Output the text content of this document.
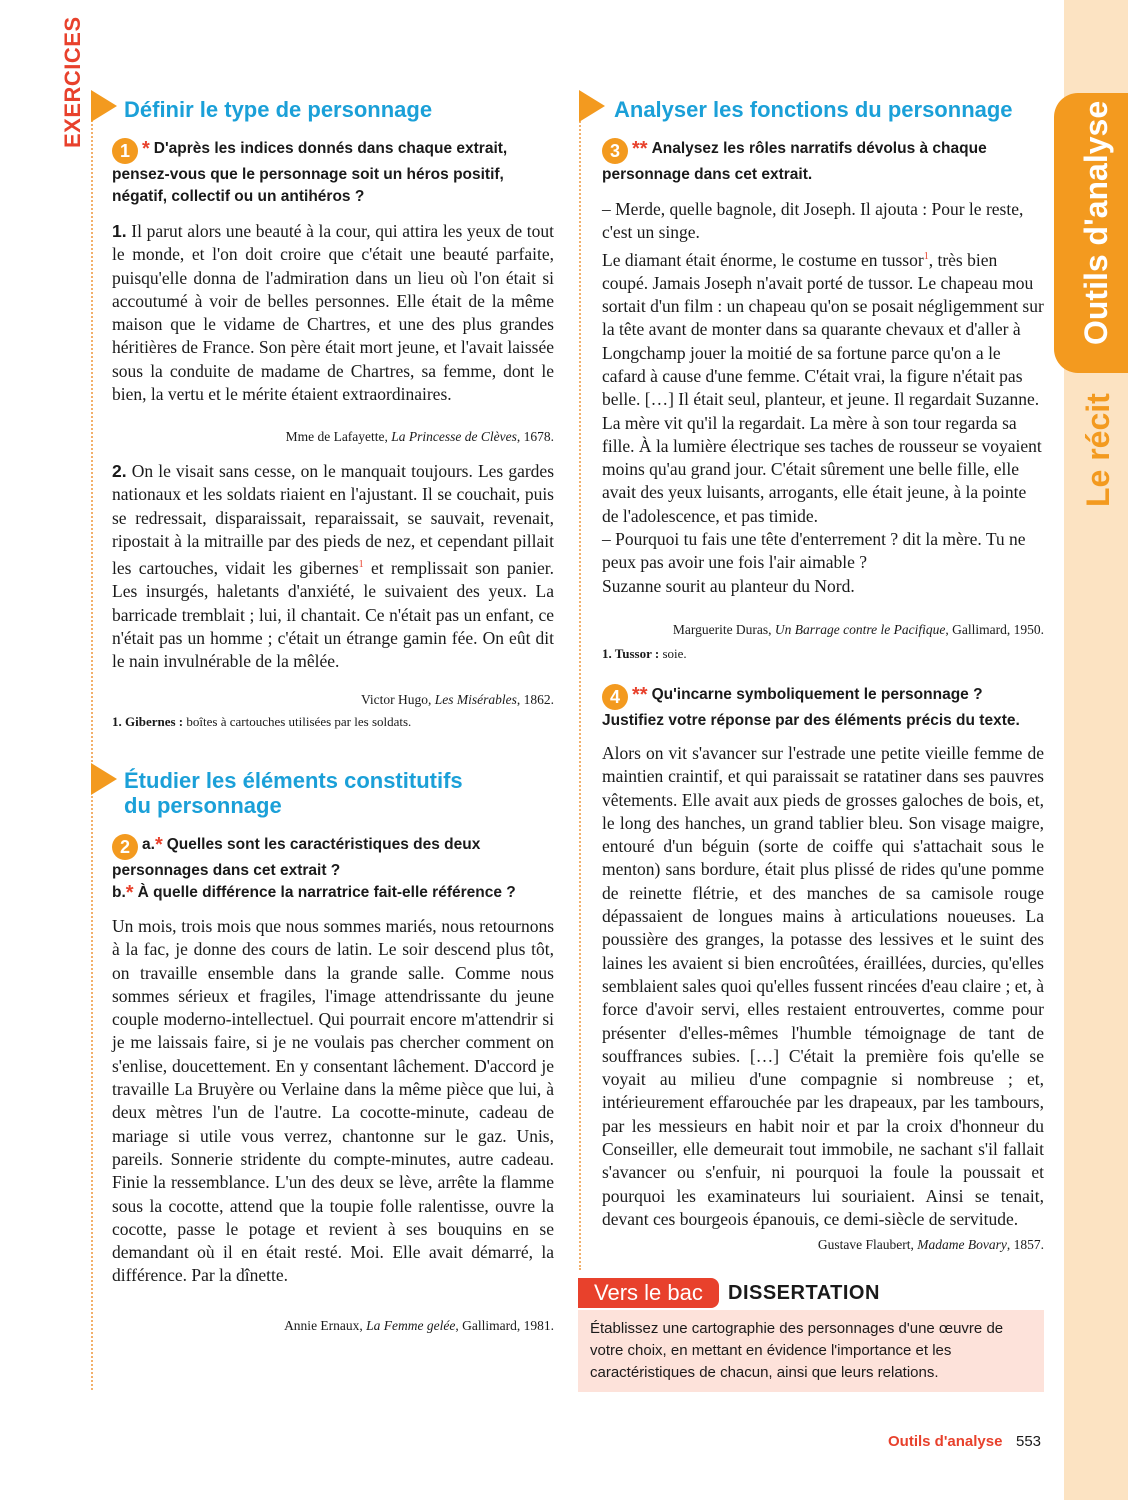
Outils d'analyse
Le récit
EXERCICES Définir le type de personnage
1 * D'après les indices donnés dans chaque extrait, pensez-vous que le personnage soit un héros positif, négatif, collectif ou un antihéros ?

1. Il parut alors une beauté à la cour, qui attira les yeux de tout le monde, et l'on doit croire que c'était une beauté parfaite, puisqu'elle donna de l'admiration dans un lieu où l'on était si accoutumé à voir de belles personnes. Elle était de la même maison que le vidame de Chartres, et une des plus grandes héritières de France. Son père était mort jeune, et l'avait laissée sous la conduite de madame de Chartres, sa femme, dont le bien, la vertu et le mérite étaient extraordinaires.

Mme de Lafayette, La Princesse de Clèves, 1678.

2. On le visait sans cesse, on le manquait toujours. Les gardes nationaux et les soldats riaient en l'ajustant. Il se couchait, puis se redressait, disparaissait, reparaissait, se sauvait, revenait, ripostait à la mitraille par des pieds de nez, et cependant pillait les cartouches, vidait les gibernes$^1$ et remplissait son panier. Les insurgés, haletants d'anxiété, le suivaient des yeux. La barricade tremblait ; lui, il chantait. Ce n'était pas un enfant, ce n'était pas un homme ; c'était un étrange gamin fée. On eût dit le nain invulnérable de la mêlée.

Victor Hugo, Les Misérables, 1862.
1. Gibernes : boîtes à cartouches utilisées par les soldats.
Étudier les éléments constitutifs
du personnage
2 a.* Quelles sont les caractéristiques des deux personnages dans cet extrait ?
b.* À quelle différence la narratrice fait-elle référence ?

Un mois, trois mois que nous sommes mariés, nous retournons à la fac, je donne des cours de latin. Le soir descend plus tôt, on travaille ensemble dans la grande salle. Comme nous sommes sérieux et fragiles, l'image attendrissante du jeune couple moderno-intellectuel. Qui pourrait encore m'attendrir si je me laissais faire, si je ne voulais pas chercher comment on s'enlise, doucettement. En y consentant lâchement. D'accord je travaille La Bruyère ou Verlaine dans la même pièce que lui, à deux mètres l'un de l'autre. La cocotte-minute, cadeau de mariage si utile vous verrez, chantonne sur le gaz. Unis, pareils. Sonnerie stridente du compte-minutes, autre cadeau. Finie la ressemblance. L'un des deux se lève, arrête la flamme sous la cocotte, attend que la toupie folle ralentisse, ouvre la cocotte, passe le potage et revient à ses bouquins en se demandant où il en était resté. Moi. Elle avait démarré, la différence. Par la dînette.

Annie Ernaux, La Femme gelée, Gallimard, 1981.
Analyser les fonctions du personnage
3 ** Analysez les rôles narratifs dévolus à chaque personnage dans cet extrait.

– Merde, quelle bagnole, dit Joseph. Il ajouta : Pour le reste, c'est un singe.

Le diamant était énorme, le costume en tussor$^1$, très bien coupé. Jamais Joseph n'avait porté de tussor. Le chapeau mou sortait d'un film : un chapeau qu'on se posait négligemment sur la tête avant de monter dans sa quarante chevaux et d'aller à Longchamp jouer la moitié de sa fortune parce qu'on a le cafard à cause d'une femme. C'était vrai, la figure n'était pas belle. […] Il était seul, planteur, et jeune. Il regardait Suzanne. La mère vit qu'il la regardait. La mère à son tour regarda sa fille. À la lumière électrique ses taches de rousseur se voyaient moins qu'au grand jour. C'était sûrement une belle fille, elle avait des yeux luisants, arrogants, elle était jeune, à la pointe de l'adolescence, et pas timide.

– Pourquoi tu fais une tête d'enterrement ? dit la mère. Tu ne peux pas avoir une fois l'air aimable ?

Suzanne sourit au planteur du Nord.

Marguerite Duras, Un Barrage contre le Pacifique, Gallimard, 1950.
1. Tussor : soie.
4 ** Qu'incarne symboliquement le personnage ? Justifiez votre réponse par des éléments précis du texte.

Alors on vit s'avancer sur l'estrade une petite vieille femme de maintien craintif, et qui paraissait se ratatiner dans ses pauvres vêtements. Elle avait aux pieds de grosses galoches de bois, et, le long des hanches, un grand tablier bleu. Son visage maigre, entouré d'un béguin (sorte de coiffe qui s'attachait sous le menton) sans bordure, était plus plissé de rides qu'une pomme de reinette flétrie, et des manches de sa camisole rouge dépassaient de longues mains à articulations noueuses. La poussière des granges, la potasse des lessives et le suint des laines les avaient si bien encroûtées, éraillées, durcies, qu'elles semblaient sales quoi qu'elles fussent rincées d'eau claire ; et, à force d'avoir servi, elles restaient entrouvertes, comme pour présenter d'elles-mêmes l'humble témoignage de tant de souffrances subies. […] C'était la première fois qu'elle se voyait au milieu d'une compagnie si nombreuse ; et, intérieurement effarouchée par les drapeaux, par les tambours, par les messieurs en habit noir et par la croix d'honneur du Conseiller, elle demeurait tout immobile, ne sachant s'il fallait s'avancer ou s'enfuir, ni pourquoi la foule la poussait et pourquoi les examinateurs lui souriaient. Ainsi se tenait, devant ces bourgeois épanouis, ce demi-siècle de servitude.

Gustave Flaubert, Madame Bovary, 1857.
Vers le bac	DISSERTATION
Établissez une cartographie des personnages d'une œuvre de votre choix, en mettant en évidence l'importance et les caractéristiques de chacun, ainsi que leurs relations.
Outils d'analyse 553
